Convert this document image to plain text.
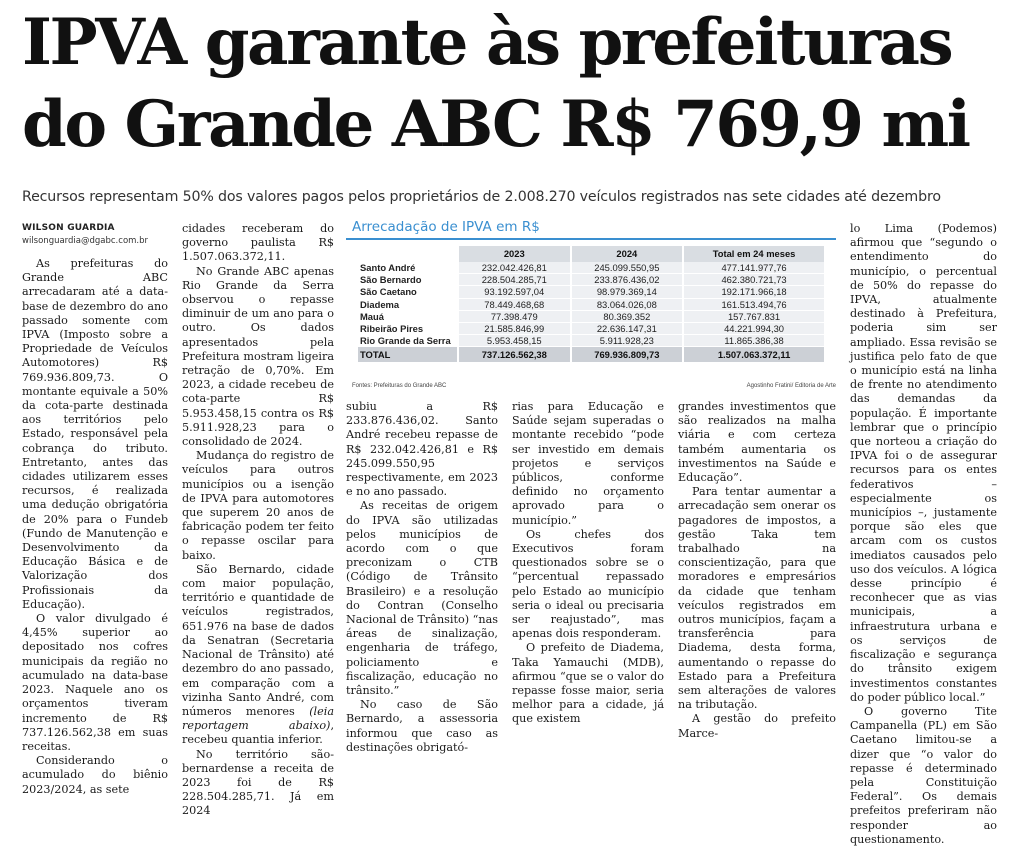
IPVA garante às prefeituras
do Grande ABC R$ 769,9 mi
Recursos representam 50% dos valores pagos pelos proprietários de 2.008.270 veículos registrados nas sete cidades até dezembro
WILSON GUARDIA
wilsonguardia@dgabc.com.br

As prefeituras do Grande ABC arrecadaram até a data-base de dezembro do ano passado somente com IPVA (Imposto sobre a Propriedade de Veículos Automotores) R$ 769.936.809,73. O montante equivale a 50% da cota-parte destinada aos territórios pelo Estado, responsável pela cobrança do tributo. Entretanto, antes das cidades utilizarem esses recursos, é realizada uma dedução obrigatória de 20% para o Fundeb (Fundo de Manutenção e Desenvolvimento da Educação Básica e de Valorização dos Profissionais da Educação).

O valor divulgado é 4,45% superior ao depositado nos cofres municipais da região no acumulado na data-base 2023. Naquele ano os orçamentos tiveram incremento de R$ 737.126.562,38 em suas receitas.

Considerando o acumulado do biênio 2023/2024, as sete

cidades receberam do governo paulista R$ 1.507.063.372,11.

No Grande ABC apenas Rio Grande da Serra observou o repasse diminuir de um ano para o outro. Os dados apresentados pela Prefeitura mostram ligeira retração de 0,70%. Em 2023, a cidade recebeu de cota-parte R$ 5.953.458,15 contra os R$ 5.911.928,23 para o consolidado de 2024.

Mudança do registro de veículos para outros municípios ou a isenção de IPVA para automotores que superem 20 anos de fabricação podem ter feito o repasse oscilar para baixo.

São Bernardo, cidade com maior população, território e quantidade de veículos registrados, 651.976 na base de dados da Senatran (Secretaria Nacional de Trânsito) até dezembro do ano passado, em comparação com a vizinha Santo André, com números menores (leia reportagem abaixo), recebeu quantia inferior.

No território são-bernardense a receita de 2023 foi de R$ 228.504.285,71. Já em 2024

Arrecadação de IPVA em R$
	2023	2024	Total em 24 meses
Santo André	232.042.426,81	245.099.550,95	477.141.977,76
São Bernardo	228.504.285,71	233.876.436,02	462.380.721,73
São Caetano	93.192.597,04	98.979.369,14	192.171.966,18
Diadema	78.449.468,68	83.064.026,08	161.513.494,76
Mauá	77.398.479	80.369.352	157.767.831
Ribeirão Pires	21.585.846,99	22.636.147,31	44.221.994,30
Rio Grande da Serra	5.953.458,15	5.911.928,23	11.865.386,38
TOTAL	737.126.562,38	769.936.809,73	1.507.063.372,11
Fontes: Prefeituras do Grande ABC	Agostinho Fratini/ Editoria de Arte

subiu a R$ 233.876.436,02. Santo André recebeu repasse de R$ 232.042.426,81 e R$ 245.099.550,95 respectivamente, em 2023 e no ano passado.

As receitas de origem do IPVA são utilizadas pelos municípios de acordo com o que preconizam o CTB (Código de Trânsito Brasileiro) e a resolução do Contran (Conselho Nacional de Trânsito) “nas áreas de sinalização, engenharia de tráfego, policiamento e fiscalização, educação no trânsito.”

No caso de São Bernardo, a assessoria informou que caso as destinações obrigató-

rias para Educação e Saúde sejam superadas o montante recebido “pode ser investido em demais projetos e serviços públicos, conforme definido no orçamento aprovado para o município.”

Os chefes dos Executivos foram questionados sobre se o “percentual repassado pelo Estado ao município seria o ideal ou precisaria ser reajustado”, mas apenas dois responderam.

O prefeito de Diadema, Taka Yamauchi (MDB), afirmou “que se o valor do repasse fosse maior, seria melhor para a cidade, já que existem

grandes investimentos que são realizados na malha viária e com certeza também aumentaria os investimentos na Saúde e Educação”.

Para tentar aumentar a arrecadação sem onerar os pagadores de impostos, a gestão Taka tem trabalhado na conscientização, para que moradores e empresários da cidade que tenham veículos registrados em outros municípios, façam a transferência para Diadema, desta forma, aumentando o repasse do Estado para a Prefeitura sem alterações de valores na tributação.

A gestão do prefeito Marce-

lo Lima (Podemos) afirmou que “segundo o entendimento do município, o percentual de 50% do repasse do IPVA, atualmente destinado à Prefeitura, poderia sim ser ampliado. Essa revisão se justifica pelo fato de que o município está na linha de frente no atendimento das demandas da população. É importante lembrar que o princípio que norteou a criação do IPVA foi o de assegurar recursos para os entes federativos – especialmente os municípios –, justamente porque são eles que arcam com os custos imediatos causados pelo uso dos veículos. A lógica desse princípio é reconhecer que as vias municipais, a infraestrutura urbana e os serviços de fiscalização e segurança do trânsito exigem investimentos constantes do poder público local.”

O governo Tite Campanella (PL) em São Caetano limitou-se a dizer que “o valor do repasse é determinado pela Constituição Federal”. Os demais prefeitos preferiram não responder ao questionamento.
